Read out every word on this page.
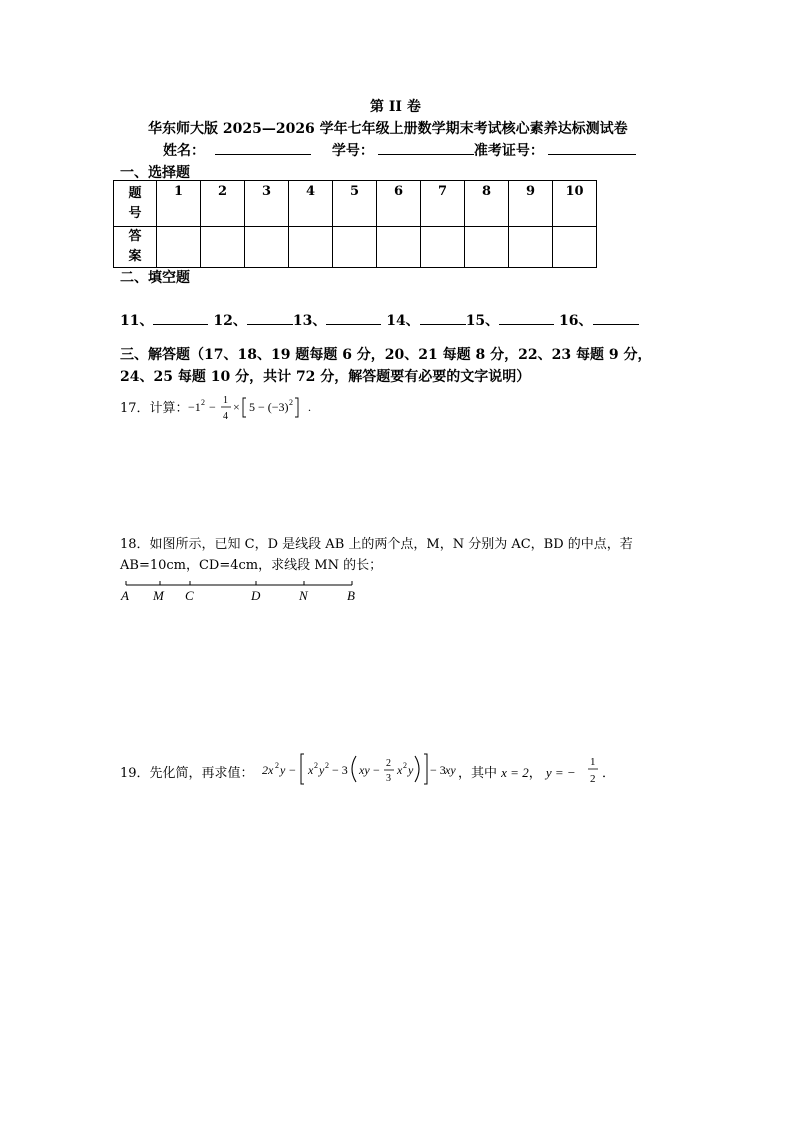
第 II 卷
华东师大版 2025—2026 学年七年级上册数学期末考试核心素养达标测试卷
姓名：	学号：	准考证号：
一、选择题
题号	1	2	3	4	5	6	7	8	9	10
答案										
二、填空题
11、	12、	13、	14、	15、	16、
三、解答题（17、18、19 题每题 6 分，20、21 每题 8 分，22、23 每题 9 分，
24、25 每题 10 分，共计 72 分，解答题要有必要的文字说明）
17．计算： −1 2 − 1
4
× 5 − (−3) 2 .
18．如图所示，已知 C，D 是线段 AB 上的两个点，M，N 分别为 AC，BD 的中点，若
AB=10cm，CD=4cm，求线段 MN 的长；
A M C	D	N	B
19．先化简，再求值： 2x 2 y − x 2 y 2 − 3 xy − 2
3
x 2 y − 3 xy ，其中 x = 2， y = −
1
2 ．
